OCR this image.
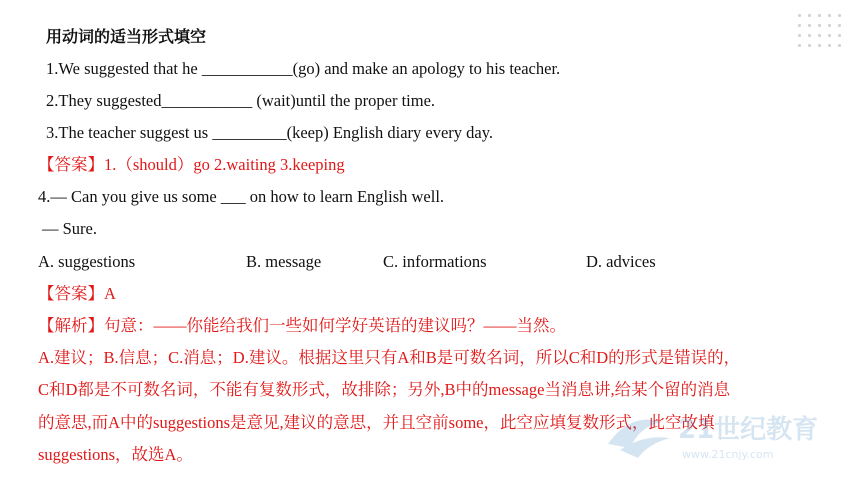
用动词的适当形式填空
1.We suggested that he ___________(go) and make an apology to his teacher.
2.They suggested___________ (wait)until the proper time.
3.The teacher suggest us _________(keep) English diary every day.
【答案】1.（should）go 2.waiting 3.keeping
4.— Can you give us some ___ on how to learn English well.
— Sure.
A. suggestions	B. message	C. informations	D. advices
【答案】A
【解析】句意：——你能给我们一些如何学好英语的建议吗？——当然。
A.建议；B.信息；C.消息；D.建议。根据这里只有A和B是可数名词，所以C和D的形式是错误的，
C和D都是不可数名词，不能有复数形式，故排除；另外,B中的message当消息讲,给某个留的消息
的意思,而A中的suggestions是意见,建议的意思，并且空前some，此空应填复数形式，此空故填
suggestions，故选A。
21世纪教育
www.21cnjy.com
